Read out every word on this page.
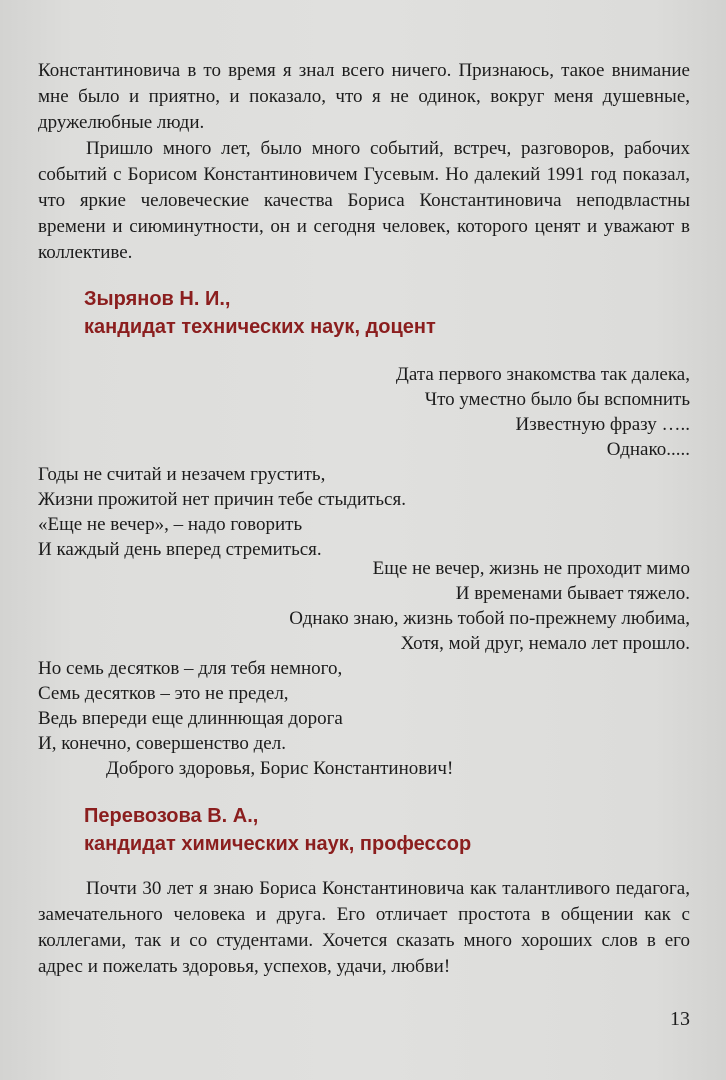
Константиновича в то время я знал всего ничего. Признаюсь, такое внимание мне было и приятно, и показало, что я не одинок, вокруг меня душевные, дружелюбные люди.

Пришло много лет, было много событий, встреч, разговоров, рабочих событий с Борисом Константиновичем Гусевым. Но далекий 1991 год показал, что яркие человеческие качества Бориса Константиновича неподвластны времени и сиюминутности, он и сегодня человек, которого ценят и уважают в коллективе.

Зырянов Н. И.,
кандидат технических наук, доцент
Дата первого знакомства так далека,
Что уместно было бы вспомнить
Известную фразу …..
Однако.....
Годы не считай и незачем грустить,
Жизни прожитой нет причин тебе стыдиться.
«Еще не вечер», – надо говорить
И каждый день вперед стремиться.
Еще не вечер, жизнь не проходит мимо
И временами бывает тяжело.
Однако знаю, жизнь тобой по-прежнему любима,
Хотя, мой друг, немало лет прошло.
Но семь десятков – для тебя немного,
Семь десятков – это не предел,
Ведь впереди еще длиннющая дорога
И, конечно, совершенство дел.
Доброго здоровья, Борис Константинович!
Перевозова В. А.,
кандидат химических наук, профессор

Почти 30 лет я знаю Бориса Константиновича как талантливого педагога, замечательного человека и друга. Его отличает простота в общении как с коллегами, так и со студентами. Хочется сказать много хороших слов в его адрес и пожелать здоровья, успехов, удачи, любви!

13
